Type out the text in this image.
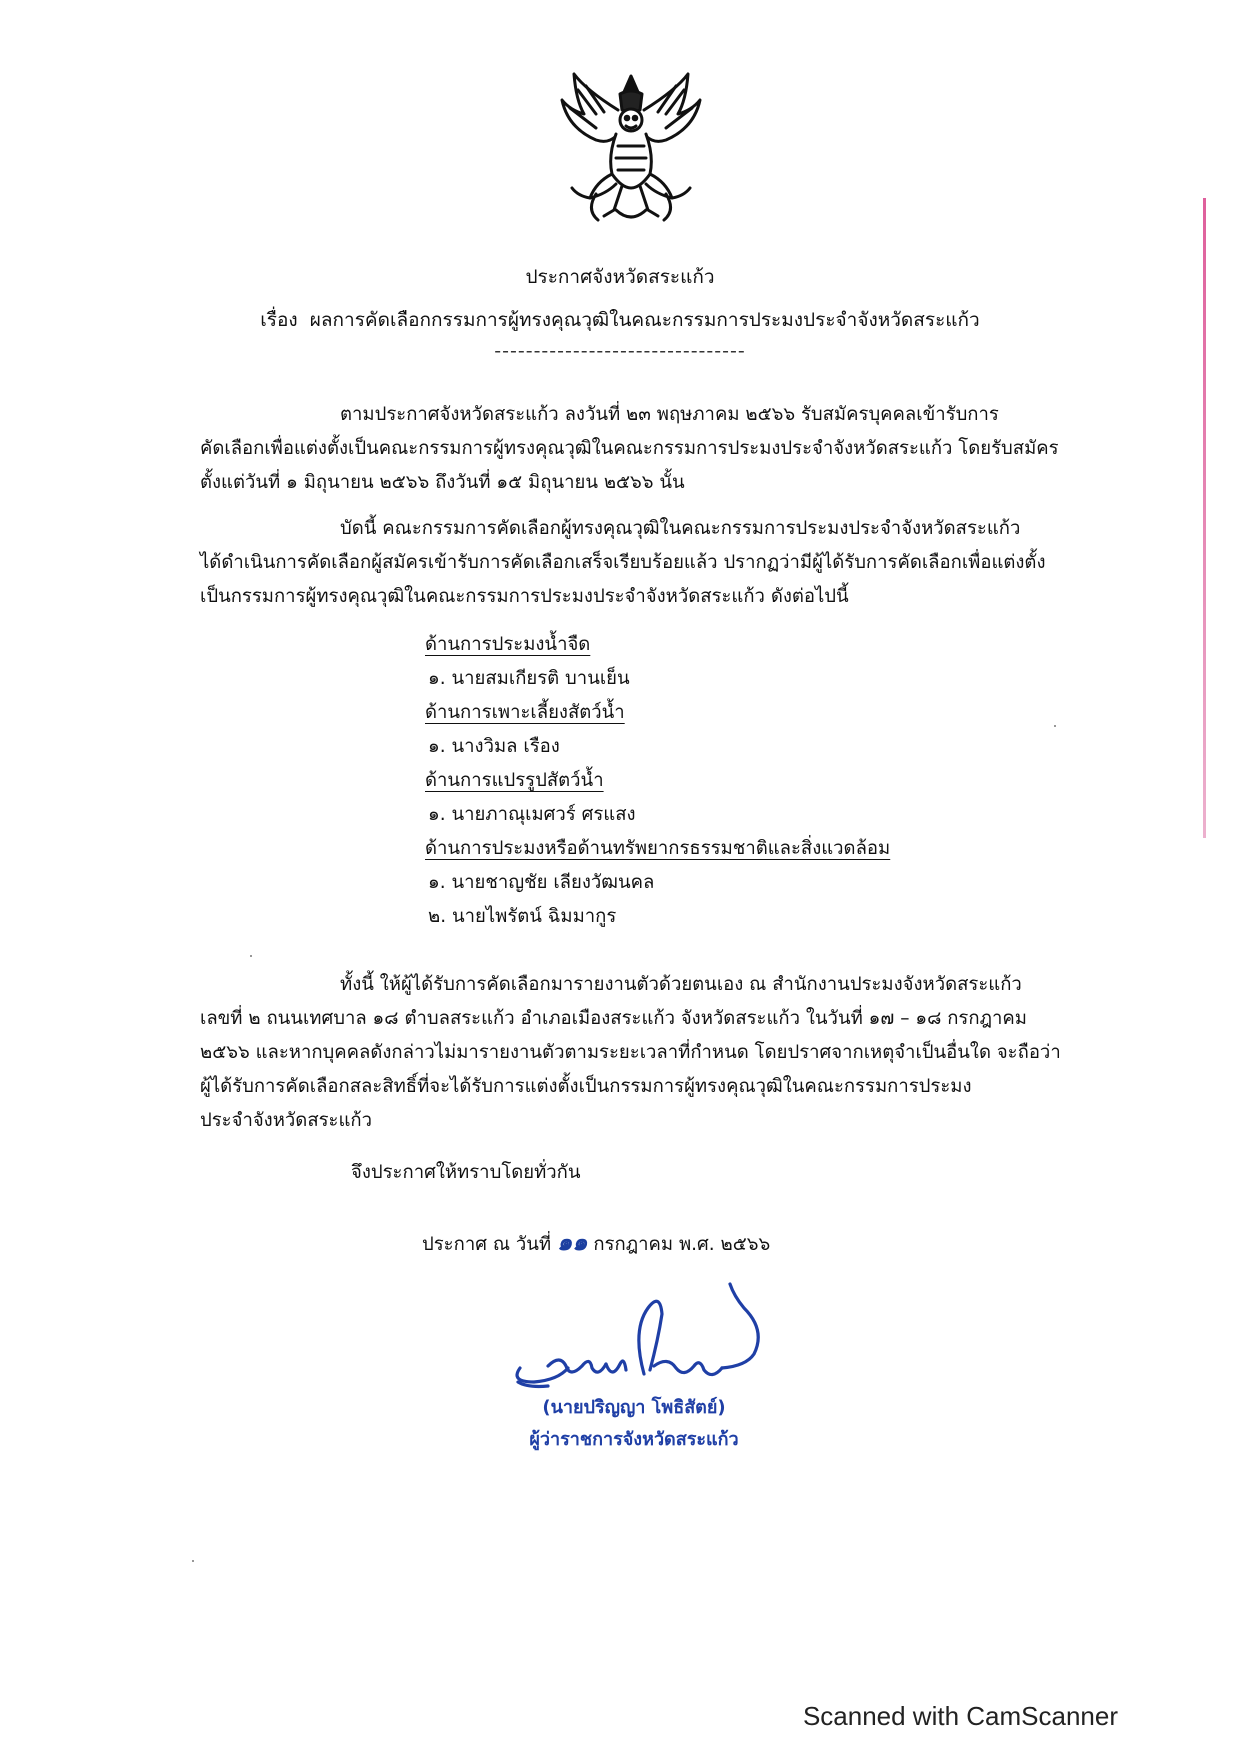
ประกาศจังหวัดสระแก้ว
เรื่อง ผลการคัดเลือกกรรมการผู้ทรงคุณวุฒิในคณะกรรมการประมงประจำจังหวัดสระแก้ว
--------------------------------

ตามประกาศจังหวัดสระแก้ว ลงวันที่ ๒๓ พฤษภาคม ๒๕๖๖ รับสมัครบุคคลเข้ารับการ

คัดเลือกเพื่อแต่งตั้งเป็นคณะกรรมการผู้ทรงคุณวุฒิในคณะกรรมการประมงประจำจังหวัดสระแก้ว โดยรับสมัคร

ตั้งแต่วันที่ ๑ มิถุนายน ๒๕๖๖ ถึงวันที่ ๑๕ มิถุนายน ๒๕๖๖ นั้น

บัดนี้ คณะกรรมการคัดเลือกผู้ทรงคุณวุฒิในคณะกรรมการประมงประจำจังหวัดสระแก้ว

ได้ดำเนินการคัดเลือกผู้สมัครเข้ารับการคัดเลือกเสร็จเรียบร้อยแล้ว ปรากฏว่ามีผู้ได้รับการคัดเลือกเพื่อแต่งตั้ง

เป็นกรรมการผู้ทรงคุณวุฒิในคณะกรรมการประมงประจำจังหวัดสระแก้ว ดังต่อไปนี้

ด้านการประมงน้ำจืด
๑. นายสมเกียรติ บานเย็น
ด้านการเพาะเลี้ยงสัตว์น้ำ
๑. นางวิมล เรือง
ด้านการแปรรูปสัตว์น้ำ
๑. นายภาณุเมศวร์ ศรแสง
ด้านการประมงหรือด้านทรัพยากรธรรมชาติและสิ่งแวดล้อม
๑. นายชาญชัย เลียงวัฒนคล
๒. นายไพรัตน์ ฉิมมากูร

ทั้งนี้ ให้ผู้ได้รับการคัดเลือกมารายงานตัวด้วยตนเอง ณ สำนักงานประมงจังหวัดสระแก้ว

เลขที่ ๒ ถนนเทศบาล ๑๘ ตำบลสระแก้ว อำเภอเมืองสระแก้ว จังหวัดสระแก้ว ในวันที่ ๑๗ – ๑๘ กรกฎาคม

๒๕๖๖ และหากบุคคลดังกล่าวไม่มารายงานตัวตามระยะเวลาที่กำหนด โดยปราศจากเหตุจำเป็นอื่นใด จะถือว่า

ผู้ได้รับการคัดเลือกสละสิทธิ์ที่จะได้รับการแต่งตั้งเป็นกรรมการผู้ทรงคุณวุฒิในคณะกรรมการประมง

ประจำจังหวัดสระแก้ว

จึงประกาศให้ทราบโดยทั่วกัน
ประกาศ ณ วันที่ ๑๑ กรกฎาคม พ.ศ. ๒๕๖๖
(นายปริญญา โพธิสัตย์)
ผู้ว่าราชการจังหวัดสระแก้ว
Scanned with CamScanner
